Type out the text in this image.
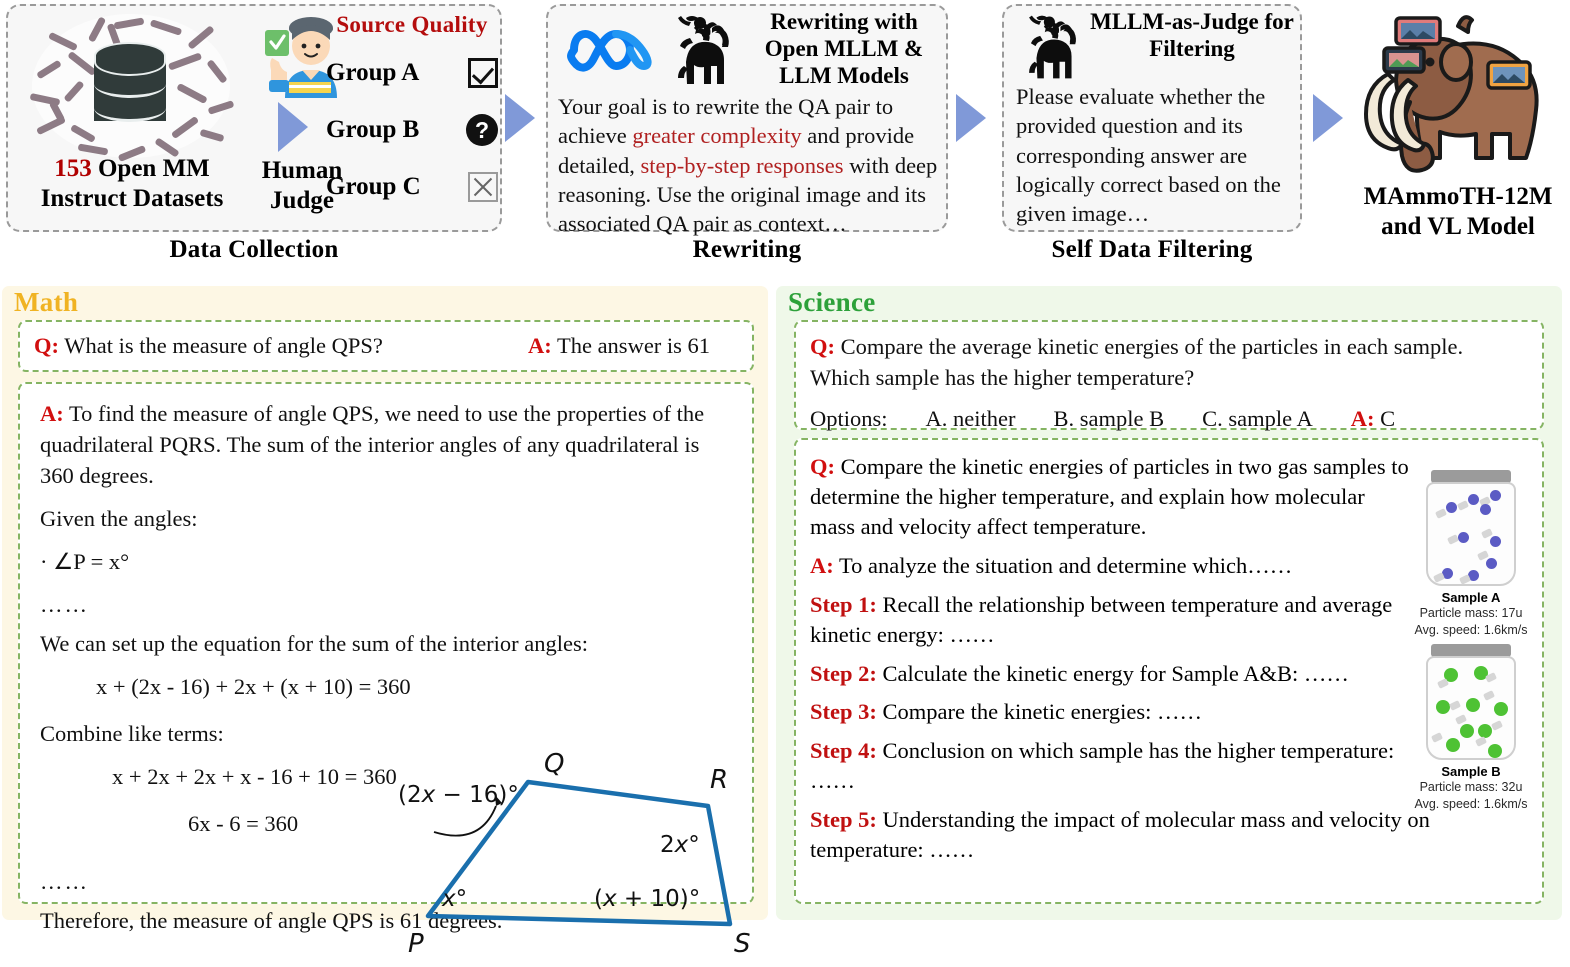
153 Open MM
Instruct Datasets
Human
Judge
Source Quality
Group A
Group B	?
Group C
Data Collection
Rewriting with Open MLLM & LLM Models
Your goal is to rewrite the QA pair to achieve greater complexity and provide detailed, step-by-step responses with deep reasoning. Use the original image and its associated QA pair as context…
Rewriting
MLLM-as-Judge for Filtering
Please evaluate whether the provided question and its corresponding answer are logically correct based on the given image…
Self Data Filtering
MAmmoTH-12M
and VL Model
Math
Q: What is the measure of angle QPS?	A: The answer is 61

A: To find the measure of angle QPS, we need to use the properties of the quadrilateral PQRS. The sum of the interior angles of any quadrilateral is 360 degrees.

Given the angles:

· ∠P = x°

……

We can set up the equation for the sum of the interior angles:

x + (2x - 16) + 2x + (x + 10) = 360

Combine like terms:

x + 2x + 2x + x - 16 + 10 = 360

6x - 6 = 360

……

Therefore, the measure of angle QPS is 61 degrees.

Q
R
P	S
(2x − 16)°
2x°
x°	(x + 10)°
Science

Q: Compare the average kinetic energies of the particles in each sample. Which sample has the higher temperature?

Options: A. neither B. sample B C. sample A A: C

Q: Compare the kinetic energies of particles in two gas samples to determine the higher temperature, and explain how molecular mass and velocity affect temperature.

A: To analyze the situation and determine which……

Step 1: Recall the relationship between temperature and average kinetic energy: ……

Step 2: Calculate the kinetic energy for Sample A&B: ……

Step 3: Compare the kinetic energies: ……

Step 4: Conclusion on which sample has the higher temperature: ……

Step 5: Understanding the impact of molecular mass and velocity on temperature: ……

Sample A
Particle mass: 17u
Avg. speed: 1.6km/s
Sample B
Particle mass: 32u
Avg. speed: 1.6km/s
